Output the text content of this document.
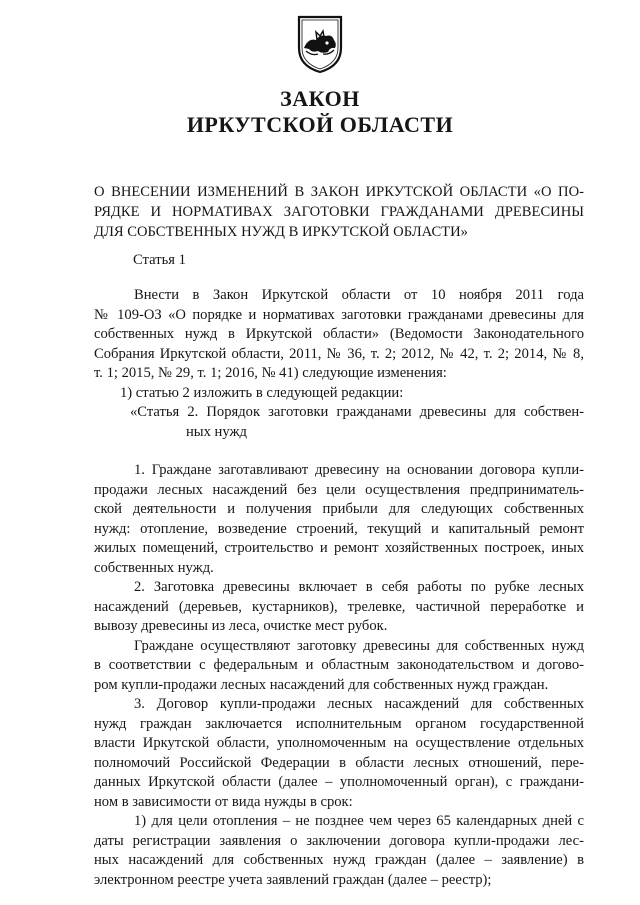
ЗАКОН
ИРКУТСКОЙ ОБЛАСТИ

О ВНЕСЕНИИ ИЗМЕНЕНИЙ В ЗАКОН ИРКУТСКОЙ ОБЛАСТИ «О ПО-

РЯДКЕ И НОРМАТИВАХ ЗАГОТОВКИ ГРАЖДАНАМИ ДРЕВЕСИНЫ

ДЛЯ СОБСТВЕННЫХ НУЖД В ИРКУТСКОЙ ОБЛАСТИ»

Статья 1

Внести в Закон Иркутской области от 10 ноября 2011 года

№ 109-ОЗ «О порядке и нормативах заготовки гражданами древесины для

собственных нужд в Иркутской области» (Ведомости Законодательного

Собрания Иркутской области, 2011, № 36, т. 2; 2012, № 42, т. 2; 2014, № 8,

т. 1; 2015, № 29, т. 1; 2016, № 41) следующие изменения:

1) статью 2 изложить в следующей редакции:

«Статья 2. Порядок заготовки гражданами древесины для собствен-

ных нужд

1. Граждане заготавливают древесину на основании договора купли-

продажи лесных насаждений без цели осуществления предприниматель-

ской деятельности и получения прибыли для следующих собственных

нужд: отопление, возведение строений, текущий и капитальный ремонт

жилых помещений, строительство и ремонт хозяйственных построек, иных

собственных нужд.

2. Заготовка древесины включает в себя работы по рубке лесных

насаждений (деревьев, кустарников), трелевке, частичной переработке и

вывозу древесины из леса, очистке мест рубок.

Граждане осуществляют заготовку древесины для собственных нужд

в соответствии с федеральным и областным законодательством и догово-

ром купли-продажи лесных насаждений для собственных нужд граждан.

3. Договор купли-продажи лесных насаждений для собственных

нужд граждан заключается исполнительным органом государственной

власти Иркутской области, уполномоченным на осуществление отдельных

полномочий Российской Федерации в области лесных отношений, пере-

данных Иркутской области (далее – уполномоченный орган), с граждани-

ном в зависимости от вида нужды в срок:

1) для цели отопления – не позднее чем через 65 календарных дней с

даты регистрации заявления о заключении договора купли-продажи лес-

ных насаждений для собственных нужд граждан (далее – заявление) в

электронном реестре учета заявлений граждан (далее – реестр);
